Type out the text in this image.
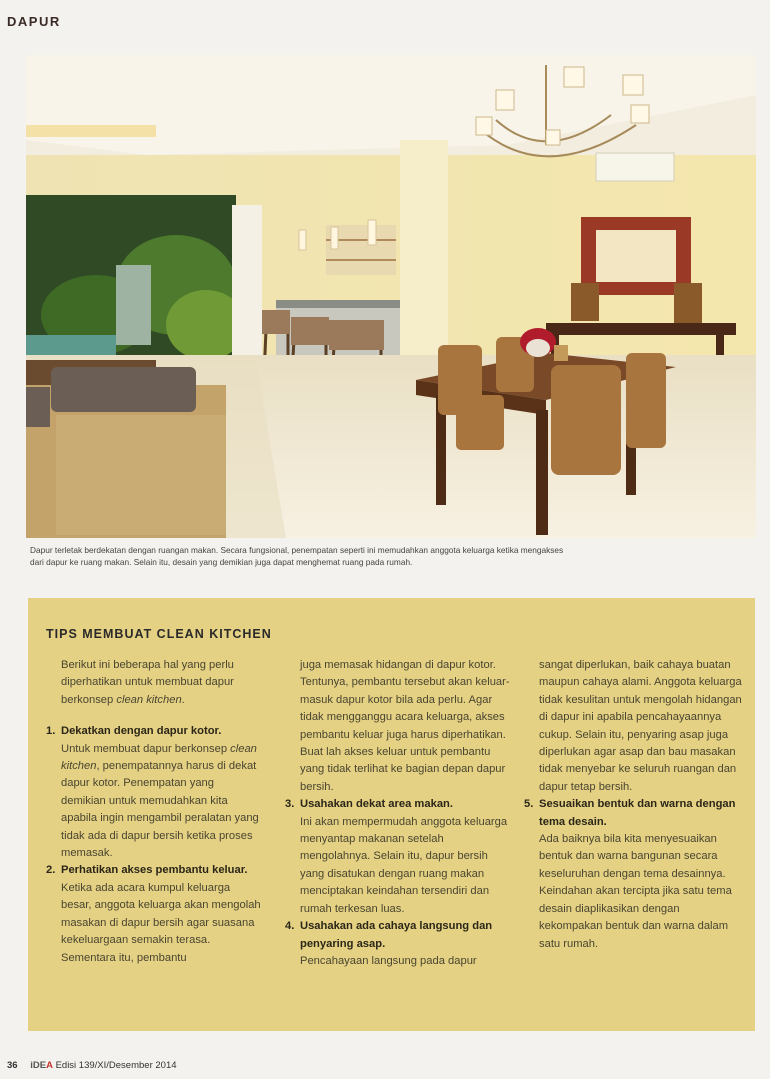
DAPUR
Dapur terletak berdekatan dengan ruangan makan. Secara fungsional, penempatan seperti ini memudahkan anggota keluarga ketika mengakses dari dapur ke ruang makan. Selain itu, desain yang demikian juga dapat menghemat ruang pada rumah.
TIPS MEMBUAT CLEAN KITCHEN

Berikut ini beberapa hal yang perlu diperhatikan untuk membuat dapur berkonsep clean kitchen.

1. Dekatkan dengan dapur kotor.

Untuk membuat dapur berkonsep clean kitchen, penempatannya harus di dekat dapur kotor. Penempatan yang demikian untuk memudahkan kita apabila ingin mengambil peralatan yang tidak ada di dapur bersih ketika proses memasak.

2. Perhatikan akses pembantu keluar.

Ketika ada acara kumpul keluarga besar, anggota keluarga akan mengolah masakan di dapur bersih agar suasana kekeluargaan semakin terasa. Sementara itu, pembantu

juga memasak hidangan di dapur kotor. Tentunya, pembantu tersebut akan keluar-masuk dapur kotor bila ada perlu. Agar tidak mengganggu acara keluarga, akses pembantu keluar juga harus diperhatikan. Buat lah akses keluar untuk pembantu yang tidak terlihat ke bagian depan dapur bersih.

3. Usahakan dekat area makan.

Ini akan mempermudah anggota keluarga menyantap makanan setelah mengolahnya. Selain itu, dapur bersih yang disatukan dengan ruang makan menciptakan keindahan tersendiri dan rumah terkesan luas.

4. Usahakan ada cahaya langsung dan penyaring asap.

Pencahayaan langsung pada dapur

sangat diperlukan, baik cahaya buatan maupun cahaya alami. Anggota keluarga tidak kesulitan untuk mengolah hidangan di dapur ini apabila pencahayaannya cukup. Selain itu, penyaring asap juga diperlukan agar asap dan bau masakan tidak menyebar ke seluruh ruangan dan dapur tetap bersih.

5. Sesuaikan bentuk dan warna dengan tema desain.

Ada baiknya bila kita menyesuaikan bentuk dan warna bangunan secara keseluruhan dengan tema desainnya. Keindahan akan tercipta jika satu tema desain diaplikasikan dengan kekompakan bentuk dan warna dalam satu rumah.

36 iDEA Edisi 139/XI/Desember 2014
